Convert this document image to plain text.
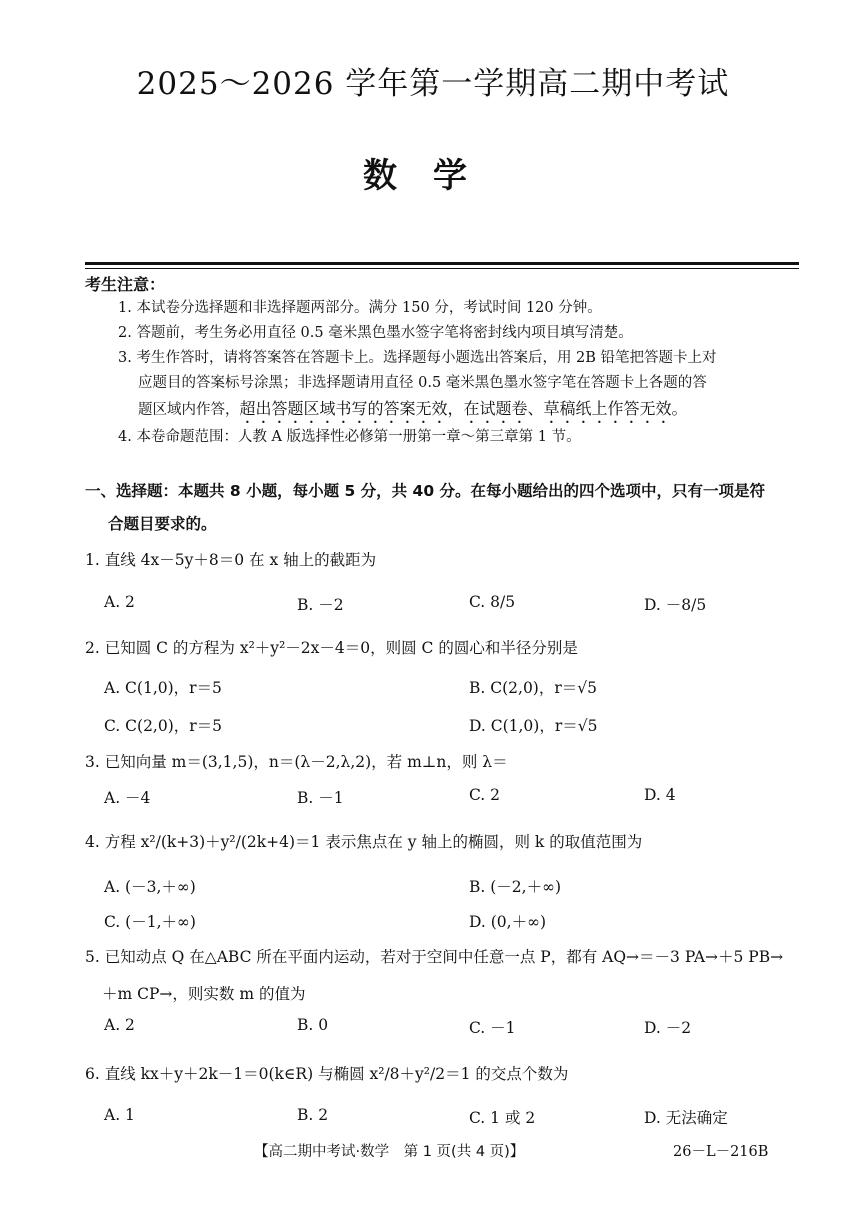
2025～2026 学年第一学期高二期中考试
数学
考生注意：
1. 本试卷分选择题和非选择题两部分。满分 150 分，考试时间 120 分钟。
2. 答题前，考生务必用直径 0.5 毫米黑色墨水签字笔将密封线内项目填写清楚。
3. 考生作答时，请将答案答在答题卡上。选择题每小题选出答案后，用 2B 铅笔把答题卡上对
应题目的答案标号涂黑；非选择题请用直径 0.5 毫米黑色墨水签字笔在答题卡上各题的答
题区域内作答，超出答题区域书写的答案无效，在试题卷、草稿纸上作答无效。
4. 本卷命题范围：人教 A 版选择性必修第一册第一章～第三章第 1 节。
一、选择题：本题共 8 小题，每小题 5 分，共 40 分。在每小题给出的四个选项中，只有一项是符
合题目要求的。
1. 直线 4x－5y＋8＝0 在 x 轴上的截距为
A. 2	B. －2	C. 8/5	D. －8/5
2. 已知圆 C 的方程为 x²＋y²－2x－4＝0，则圆 C 的圆心和半径分别是
A. C(1,0)，r＝5	B. C(2,0)，r＝√5
C. C(2,0)，r＝5	D. C(1,0)，r＝√5
3. 已知向量 m＝(3,1,5)，n＝(λ－2,λ,2)，若 m⊥n，则 λ＝
A. －4	B. －1	C. 2	D. 4
4. 方程 x²/(k+3)＋y²/(2k+4)＝1 表示焦点在 y 轴上的椭圆，则 k 的取值范围为
A. (－3,＋∞)	B. (－2,＋∞)
C. (－1,＋∞)	D. (0,＋∞)
5. 已知动点 Q 在△ABC 所在平面内运动，若对于空间中任意一点 P，都有 AQ→＝－3 PA→＋5 PB→
＋m CP→，则实数 m 的值为
A. 2	B. 0	C. －1	D. －2
6. 直线 kx＋y＋2k－1＝0(k∈R) 与椭圆 x²/8＋y²/2＝1 的交点个数为
A. 1	B. 2	C. 1 或 2	D. 无法确定
【高二期中考试·数学　第 1 页(共 4 页)】	26－L－216B
